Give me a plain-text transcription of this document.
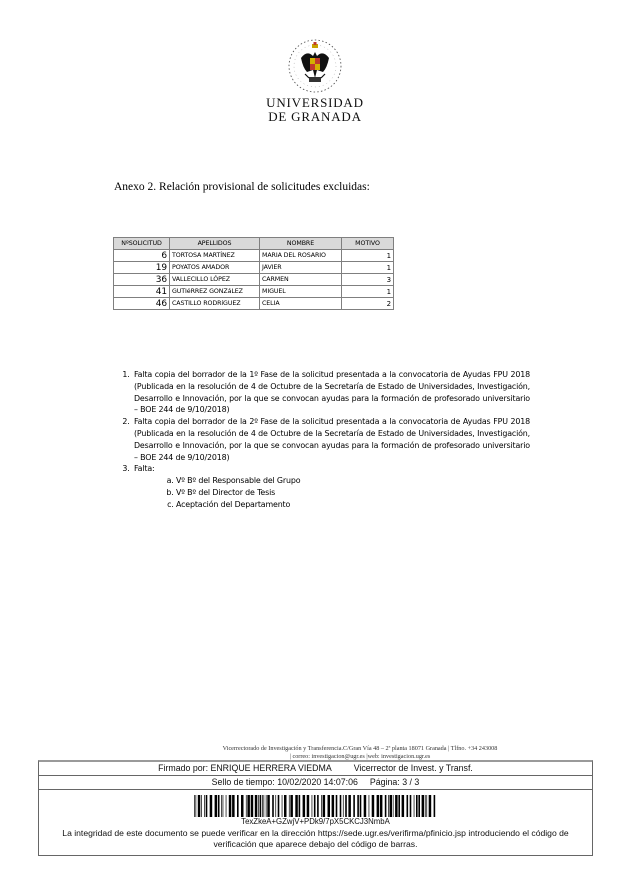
UNIVERSIDAD
DE GRANADA
Anexo 2. Relación provisional de solicitudes excluidas:
NºSOLICITUD	APELLIDOS	NOMBRE	MOTIVO
6	TORTOSA MARTÍNEZ	MARIA DEL ROSARIO	1
19	POYATOS AMADOR	JAVIER	1
36	VALLECILLO LÓPEZ	CARMEN	3
41	GUTIéRREZ GONZáLEZ	MIGUEL	1
46	CASTILLO RODRíGUEZ	CELIA	2
1. Falta copia del borrador de la 1º Fase de la solicitud presentada a la convocatoria de Ayudas FPU 2018 (Publicada en la resolución de 4 de Octubre de la Secretaría de Estado de Universidades, Investigación, Desarrollo e Innovación, por la que se convocan ayudas para la formación de profesorado universitario – BOE 244 de 9/10/2018)
2. Falta copia del borrador de la 2º Fase de la solicitud presentada a la convocatoria de Ayudas FPU 2018 (Publicada en la resolución de 4 de Octubre de la Secretaría de Estado de Universidades, Investigación, Desarrollo e Innovación, por la que se convocan ayudas para la formación de profesorado universitario – BOE 244 de 9/10/2018)
3. Falta:
a. Vº Bº del Responsable del Grupo
b. Vº Bº del Director de Tesis
c. Aceptación del Departamento
Vicerrectorado de Investigación y Transferencia.C/Gran Vía 48 – 2ª planta 18071 Granada | Tlfno. +34 243008
| correo: investigacion@ugr.es |web: investigacion.ugr.es
Firmado por: ENRIQUE HERRERA VIEDMA	Vicerrector de Invest. y Transf.
Sello de tiempo: 10/02/2020 14:07:06 Página: 3 / 3
TexZkeA+GZwjV+PDk9/7pX5CKCJ3NmbA
La integridad de este documento se puede verificar en la dirección https://sede.ugr.es/verifirma/pfinicio.jsp introduciendo el código de verificación que aparece debajo del código de barras.
